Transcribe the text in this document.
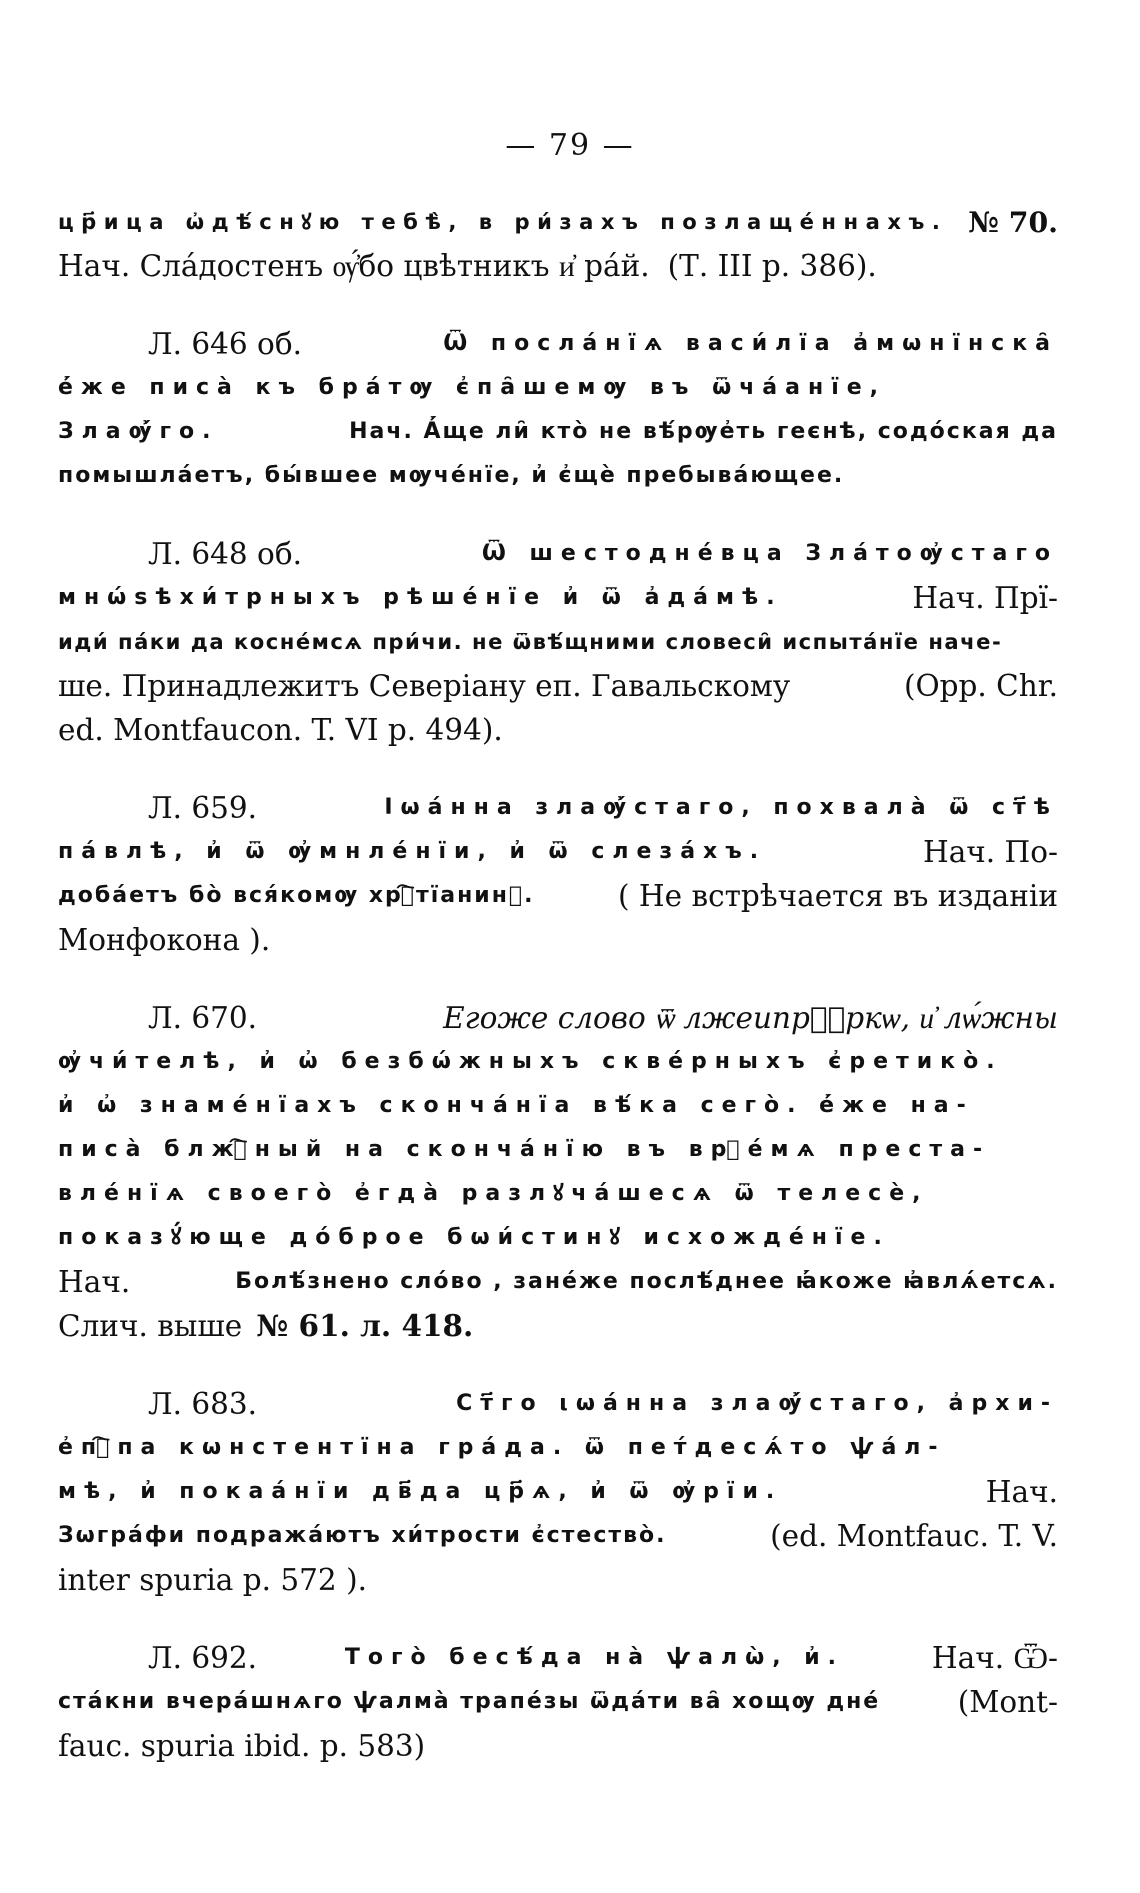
— 79 —
цр҃ица ѡ҆дѣ́снꙋю тебѣ̀, в ри́захъ позлаще́ннахъ. № 70.
Нач. Сла́достенъ ѹ҆́бо цвѣтникъ и҆ ра́й. (Т. III р. 386).
Л. 646 об.	Ѿ посла́нїѧ васи́лїа а҆мѡнїнска̑
е҆́же писа̀ къ бра́тѹ є҆па̑шемѹ въ ѿча́анїе,
Злаѹ҆́го.	Нач. А҆́ще ли̑ кто̀ не вѣ́рѹе҆ть геєнѣ, содо́ская да
помышла́етъ, бы́вшее мѹче́нїе, и҆ є҆щѐ пребыва́ющее.
Л. 648 об.	Ѿ шестоднéвца Зла́тоѹ҆стаго
мнѡ́ѕѣхи́трныхъ рѣше́нїе и҆ ѿ а҆да́мѣ.	Нач. Прї-
иди́ па́ки да косне́мсѧ при́чи. не ѿвѣ́щними словеси̑ испыта́нїе наче-
ше. Принадлежитъ Северіану еп. Гавальскому	(Opp. Chr.
ed. Montfaucon. T. VI p. 494).
Л. 659.	Ιѡа́нна злаѹ҆́стаго, похвала̀ ѿ ст҃ѣ
па́влѣ, и҆ ѿ ѹ҆мнле́нїи, и҆ ѿ слеза́хъ.	Нач. По-
доба́етъ бо̀ вся́комѹ хрⷭ҇тїанинꙋ.	( Не встрѣчается въ изданіи
Монфокона ).
Л. 670.	Егоже слово ѿ лжеипрⷪ҇ркѡ, и҆ лѡ́жны
ѹ҆чи́телѣ, и҆ ѡ҆ безбѡ́жныхъ скве́рныхъ є҆ретико̀.
и҆ ѡ҆ знаме́нїахъ сконча́нїа вѣ́ка сего̀. е҆́же на-
писа̀ блжⷭ҇ный на сконча́нїю въ врⷣе́мѧ преста-
вле́нїѧ своего̀ е҆гда̀ разлꙋча́шесѧ ѿ телесѐ,
показꙋ́юще до́брое бѡи́стинꙋ исхожде́нїе.
Нач.	Болѣ́знено сло́во , зане́же послѣ́днее ꙗ҆́коже ꙗ҆влѧ́етсѧ.
Слич. выше № 61. л. 418.
Л. 683.	Ст҃го ιѡа́нна злаѹ҆́стаго, а҆рхи-
е҆пⷭ҇па кѡнстентїна гра́да. ѿ пет́десѧ́то ѱа́л-
мѣ, и҆ покаа́нїи дв҃да цр҃ѧ, и҆ ѿ ѹ҆рїи.	Нач.
Зѡгра́фи подража́ютъ хи́трости є҆стество̀.	(ed. Montfauc. T. V.
inter spuria p. 572 ).
Л. 692.	Того̀ бесѣ́да на̀ ѱалѡ̀, и҆.	Нач. Ѿ-
ста́кни вчера́шнѧго ѱалма̀ трапе́зы ѿда́ти ва̑ хощѹ дне́	(Mont-
fauc. spuria ibid. p. 583)
